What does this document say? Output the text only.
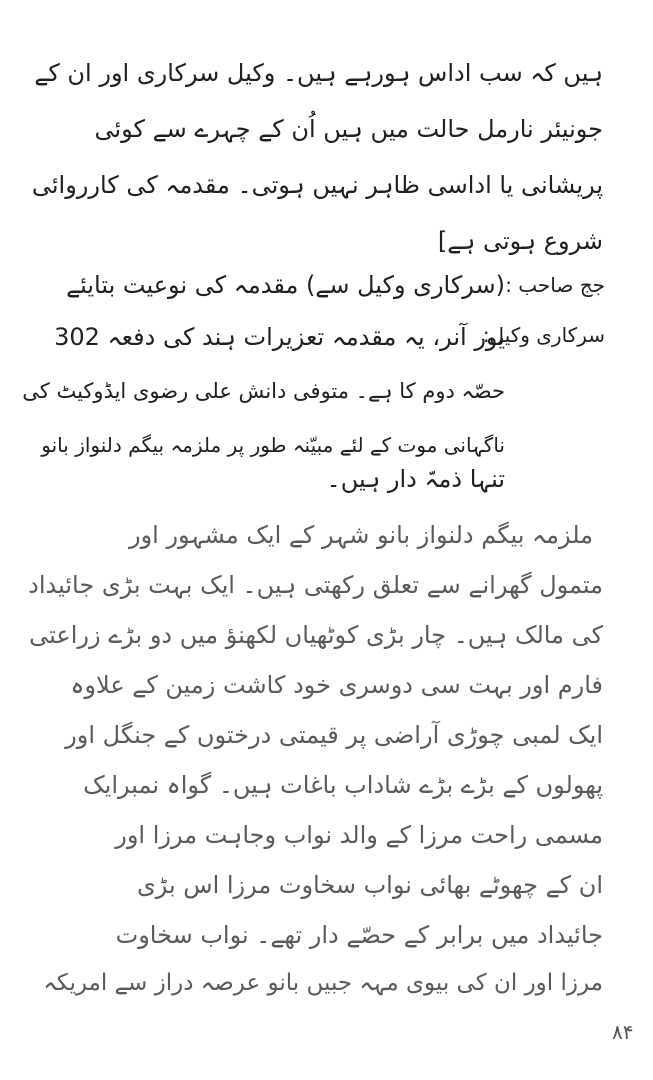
ہیں کہ سب اداس ہورہے ہیں۔ وکیل سرکاری اور ان کے
جونیئر نارمل حالت میں ہیں اُن کے چہرے سے کوئی
پریشانی یا اداسی ظاہر نہیں ہوتی۔ مقدمہ کی کارروائی
شروع ہوتی ہے]
جج صاحب :
(سرکاری وکیل سے) مقدمہ کی نوعیت بتایئے
سرکاری وکیل:
یور آنر، یہ مقدمہ تعزیرات ہند کی دفعہ 302
حصّہ دوم کا ہے۔ متوفی دانش علی رضوی ایڈوکیٹ کی
ناگہانی موت کے لئے مبیّنہ طور پر ملزمہ بیگم دلنواز بانو
تنہا ذمہّ دار ہیں۔
ملزمہ بیگم دلنواز بانو شہر کے ایک مشہور اور
متمول گھرانے سے تعلق رکھتی ہیں۔ ایک بہت بڑی جائیداد
کی مالک ہیں۔ چار بڑی کوٹھیاں لکھنؤ میں دو بڑے زراعتی
فارم اور بہت سی دوسری خود کاشت زمین کے علاوہ
ایک لمبی چوڑی آراضی پر قیمتی درختوں کے جنگل اور
پھولوں کے بڑے بڑے شاداب باغات ہیں۔ گواہ نمبرایک
مسمی راحت مرزا کے والد نواب وجاہت مرزا اور
ان کے چھوٹے بھائی نواب سخاوت مرزا اس بڑی
جائیداد میں برابر کے حصّے دار تھے۔ نواب سخاوت
مرزا اور ان کی بیوی مہہ جبیں بانو عرصہ دراز سے امریکہ
۸۴
